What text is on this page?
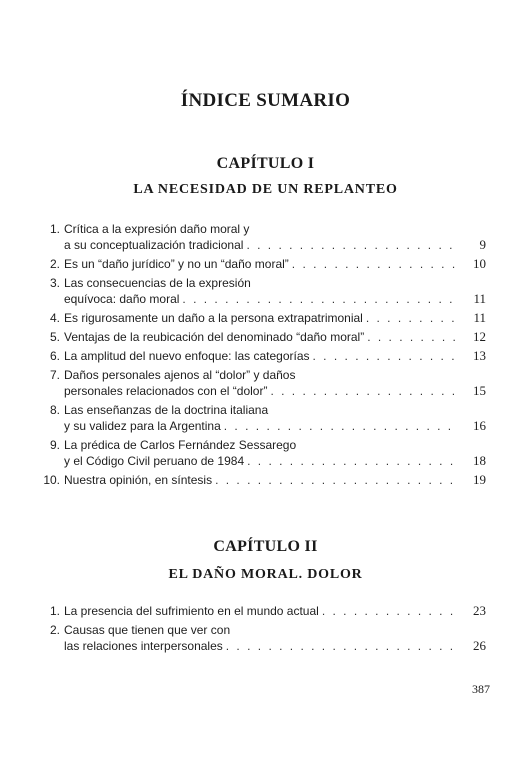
ÍNDICE SUMARIO
CAPÍTULO I
LA NECESIDAD DE UN REPLANTEO
1. Crítica a la expresión daño moral y
a su conceptualización tradicional . . .	9
2. Es un “daño jurídico” y no un “daño moral” . . .	10
3. Las consecuencias de la expresión
equívoca: daño moral . . .	11
4. Es rigurosamente un daño a la persona extrapatrimonial . . .	11
5. Ventajas de la reubicación del denominado “daño moral” . . .	12
6. La amplitud del nuevo enfoque: las categorías . . .	13
7. Daños personales ajenos al “dolor” y daños
personales relacionados con el “dolor” . . .	15
8. Las enseñanzas de la doctrina italiana
y su validez para la Argentina . . .	16
9. La prédica de Carlos Fernández Sessarego
y el Código Civil peruano de 1984 . . .	18
10. Nuestra opinión, en síntesis . . .	19
CAPÍTULO II
EL DAÑO MORAL. DOLOR
1. La presencia del sufrimiento en el mundo actual . . .	23
2. Causas que tienen que ver con
las relaciones interpersonales . . .	26

387
